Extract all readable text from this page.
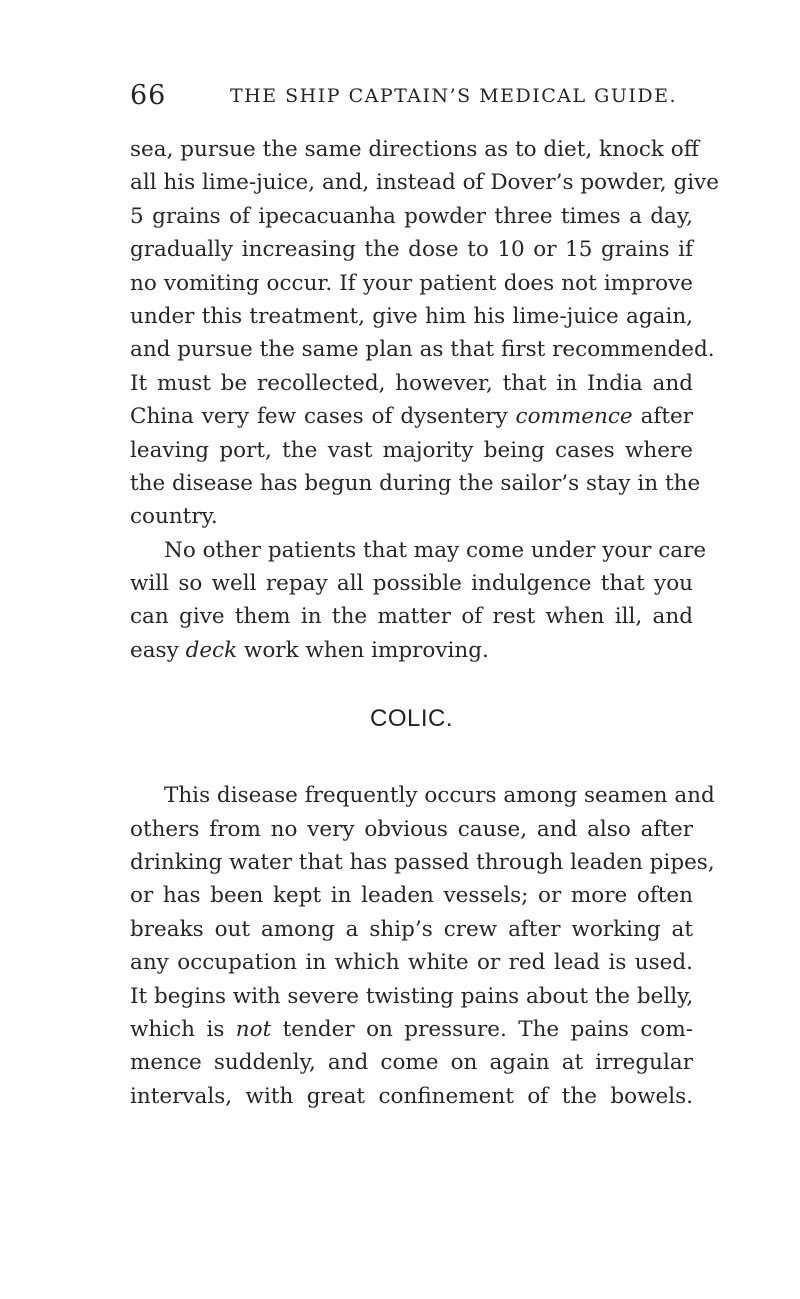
66	THE SHIP CAPTAIN’S MEDICAL GUIDE.
sea, pursue the same directions as to diet, knock off
all his lime-juice, and, instead of Dover’s powder, give
5 grains of ipecacuanha powder three times a day,
gradually increasing the dose to 10 or 15 grains if
no vomiting occur. If your patient does not improve
under this treatment, give him his lime-juice again,
and pursue the same plan as that first recommended.
It must be recollected, however, that in India and
China very few cases of dysentery commence after
leaving port, the vast majority being cases where
the disease has begun during the sailor’s stay in the
country.
No other patients that may come under your care
will so well repay all possible indulgence that you
can give them in the matter of rest when ill, and
easy deck work when improving.
COLIC.
This disease frequently occurs among seamen and
others from no very obvious cause, and also after
drinking water that has passed through leaden pipes,
or has been kept in leaden vessels; or more often
breaks out among a ship’s crew after working at
any occupation in which white or red lead is used.
It begins with severe twisting pains about the belly,
which is not tender on pressure. The pains com-
mence suddenly, and come on again at irregular
intervals, with great confinement of the bowels.
